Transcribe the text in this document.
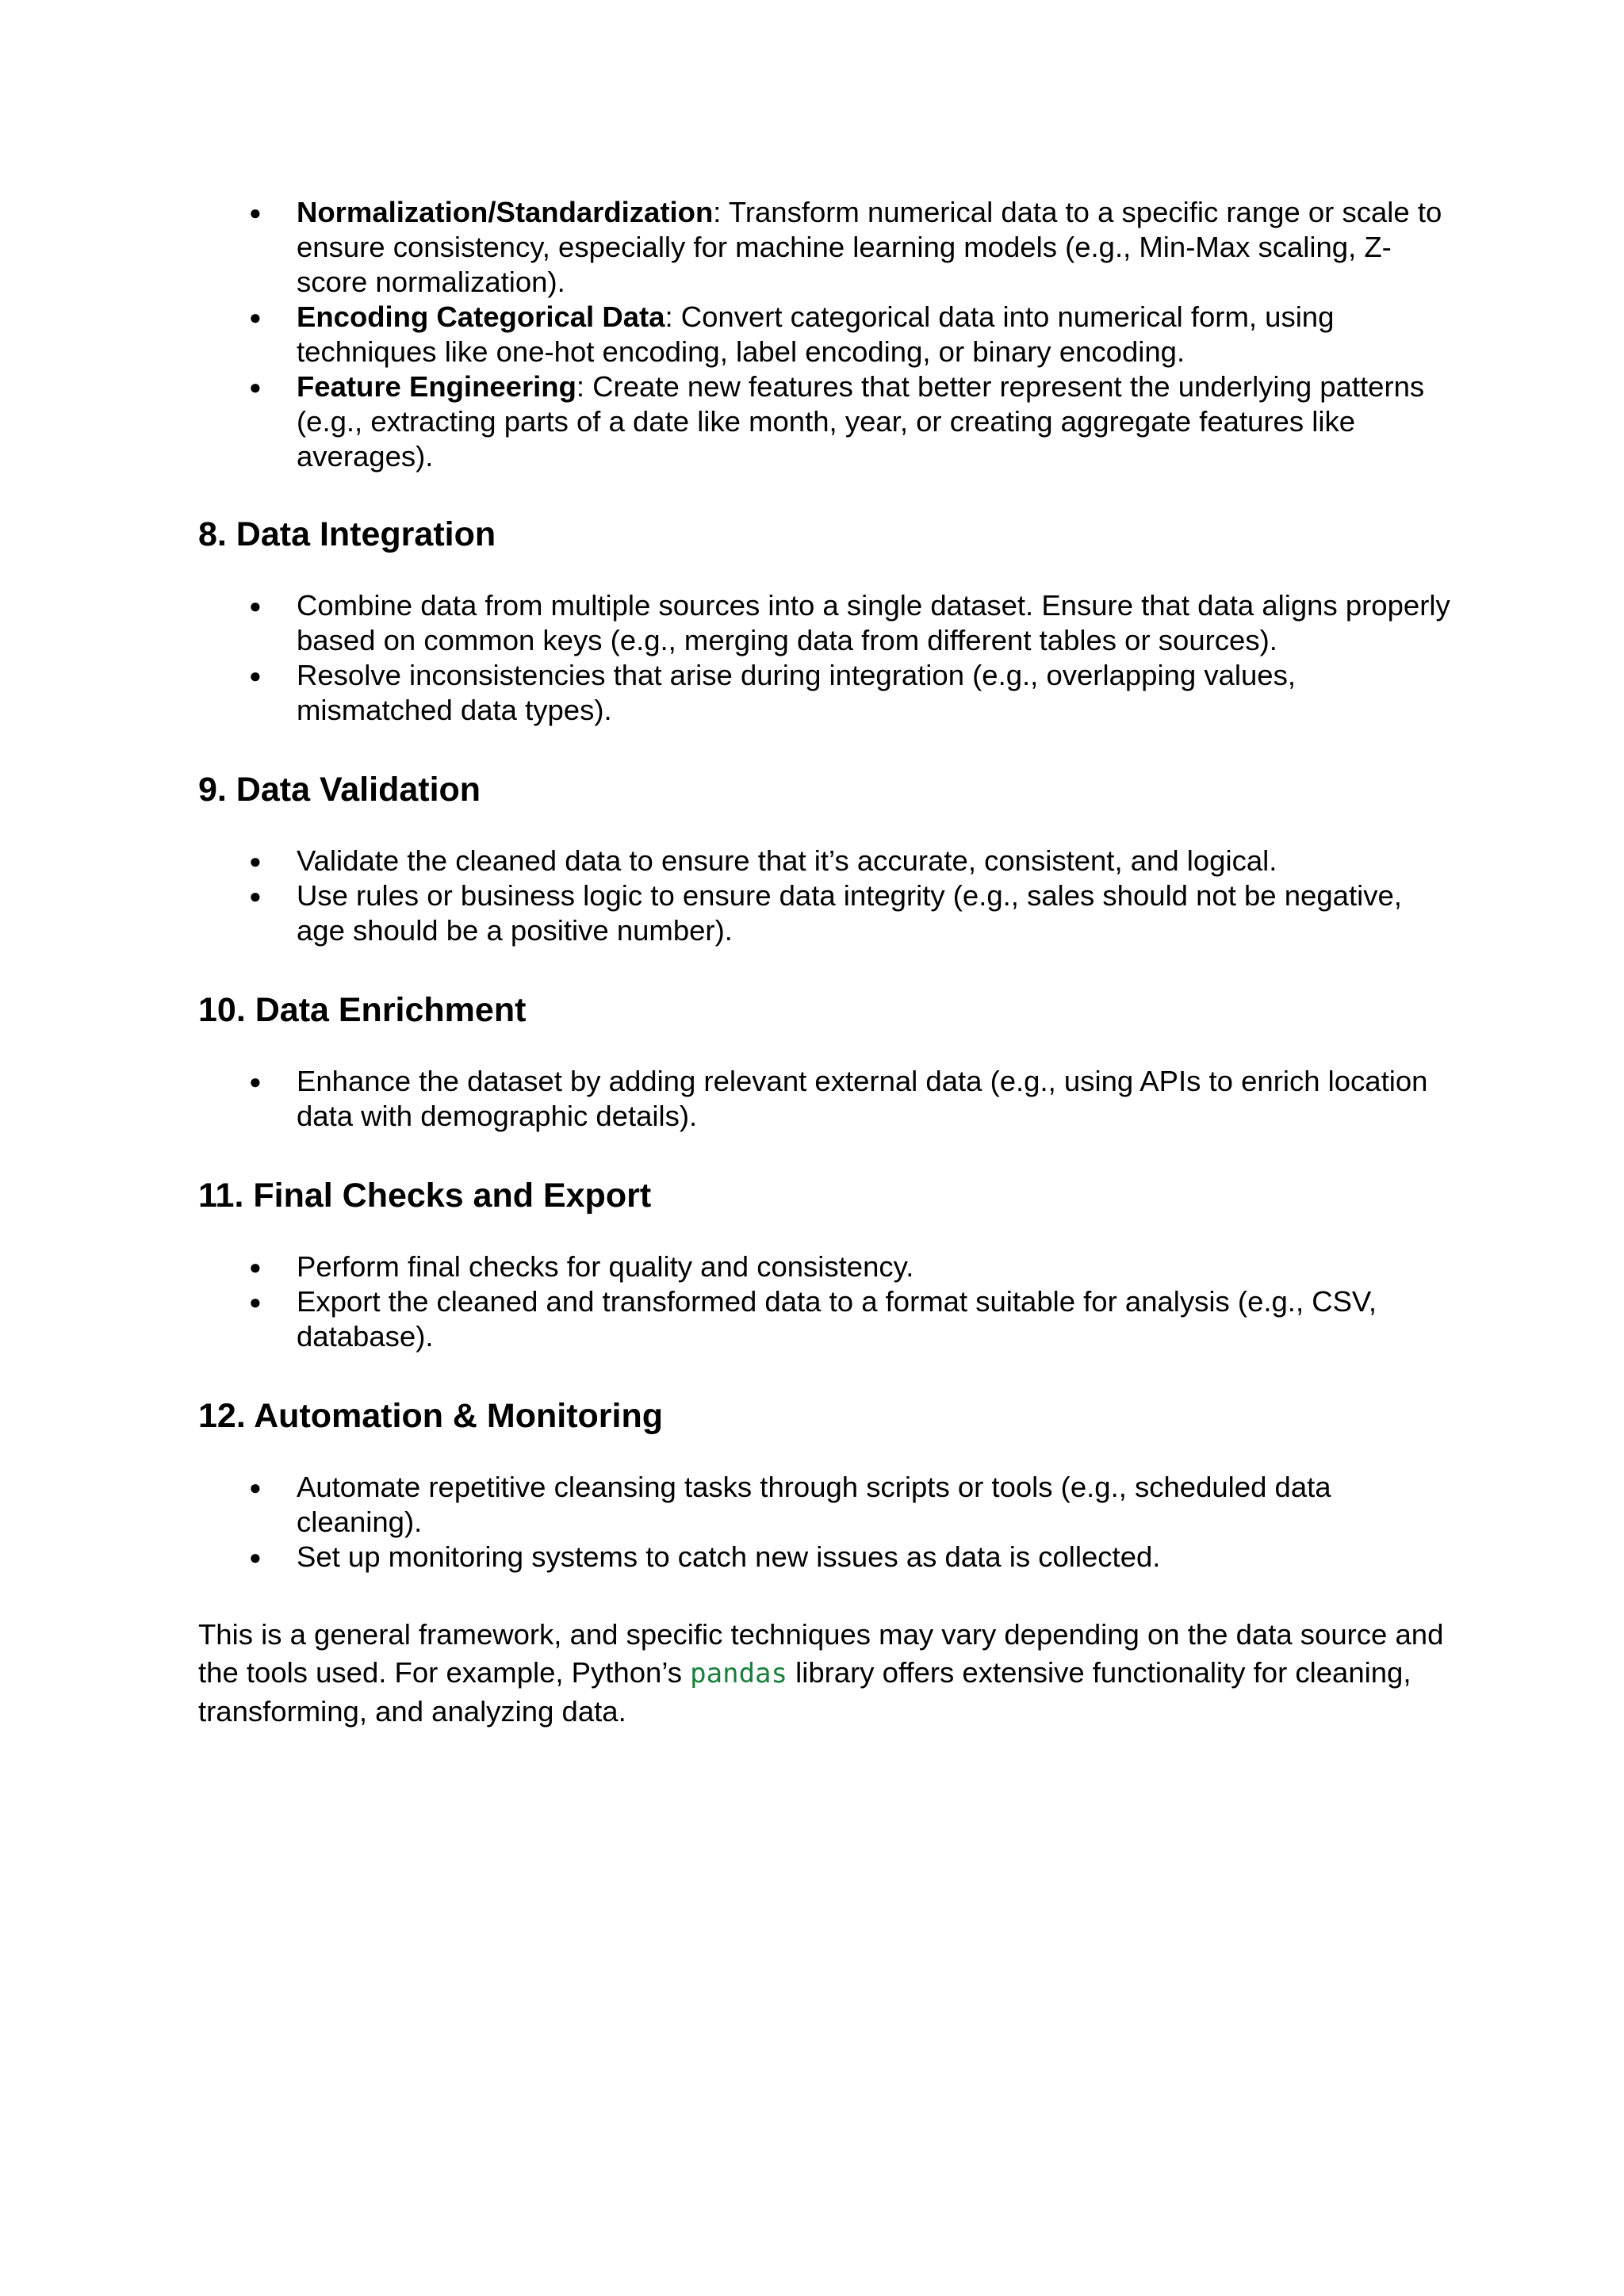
● Normalization/Standardization: Transform numerical data to a specific range or scale to ensure consistency, especially for machine learning models (e.g., Min-Max scaling, Z-score normalization).
● Encoding Categorical Data: Convert categorical data into numerical form, using techniques like one-hot encoding, label encoding, or binary encoding.
● Feature Engineering: Create new features that better represent the underlying patterns (e.g., extracting parts of a date like month, year, or creating aggregate features like averages).
8. Data Integration
● Combine data from multiple sources into a single dataset. Ensure that data aligns properly based on common keys (e.g., merging data from different tables or sources).
● Resolve inconsistencies that arise during integration (e.g., overlapping values, mismatched data types).
9. Data Validation
● Validate the cleaned data to ensure that it’s accurate, consistent, and logical.
● Use rules or business logic to ensure data integrity (e.g., sales should not be negative, age should be a positive number).
10. Data Enrichment
● Enhance the dataset by adding relevant external data (e.g., using APIs to enrich location data with demographic details).
11. Final Checks and Export
● Perform final checks for quality and consistency.
● Export the cleaned and transformed data to a format suitable for analysis (e.g., CSV, database).
12. Automation & Monitoring
● Automate repetitive cleansing tasks through scripts or tools (e.g., scheduled data cleaning).
● Set up monitoring systems to catch new issues as data is collected.

This is a general framework, and specific techniques may vary depending on the data source and the tools used. For example, Python’s pandas library offers extensive functionality for cleaning, transforming, and analyzing data.
